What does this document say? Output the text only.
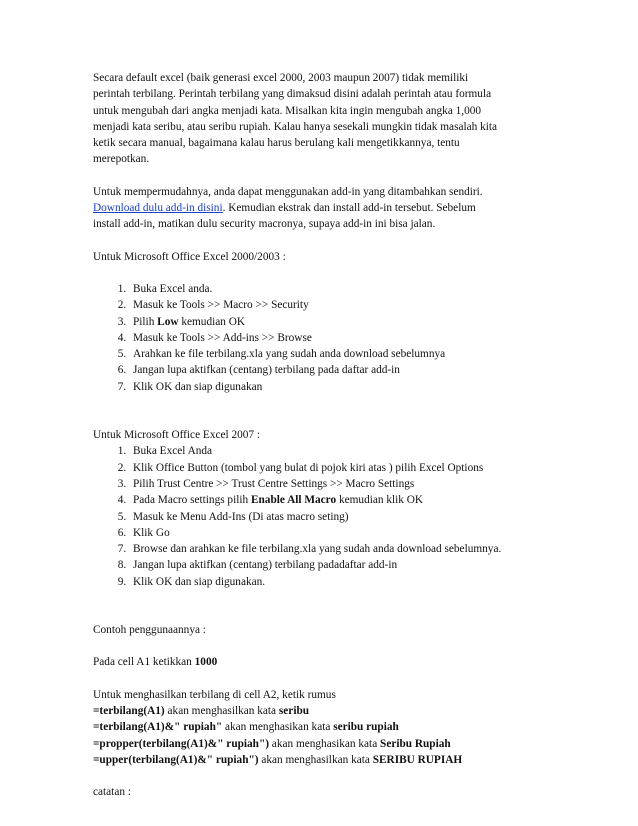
Secara default excel (baik generasi excel 2000, 2003 maupun 2007) tidak memiliki
perintah terbilang. Perintah terbilang yang dimaksud disini adalah perintah atau formula
untuk mengubah dari angka menjadi kata. Misalkan kita ingin mengubah angka 1,000
menjadi kata seribu, atau seribu rupiah. Kalau hanya sesekali mungkin tidak masalah kita
ketik secara manual, bagaimana kalau harus berulang kali mengetikkannya, tentu
merepotkan.

Untuk mempermudahnya, anda dapat menggunakan add-in yang ditambahkan sendiri.
Download dulu add-in disini. Kemudian ekstrak dan install add-in tersebut. Sebelum
install add-in, matikan dulu security macronya, supaya add-in ini bisa jalan.

Untuk Microsoft Office Excel 2000/2003 :

1. Buka Excel anda.
2. Masuk ke Tools >> Macro >> Security
3. Pilih Low kemudian OK
4. Masuk ke Tools >> Add-ins >> Browse
5. Arahkan ke file terbilang.xla yang sudah anda download sebelumnya
6. Jangan lupa aktifkan (centang) terbilang pada daftar add-in
7. Klik OK dan siap digunakan

Untuk Microsoft Office Excel 2007 :

1. Buka Excel Anda
2. Klik Office Button (tombol yang bulat di pojok kiri atas ) pilih Excel Options
3. Pilih Trust Centre >> Trust Centre Settings >> Macro Settings
4. Pada Macro settings pilih Enable All Macro kemudian klik OK
5. Masuk ke Menu Add-Ins (Di atas macro seting)
6. Klik Go
7. Browse dan arahkan ke file terbilang.xla yang sudah anda download sebelumnya.
8. Jangan lupa aktifkan (centang) terbilang padadaftar add-in
9. Klik OK dan siap digunakan.

Contoh penggunaannya :

Pada cell A1 ketikkan 1000

Untuk menghasilkan terbilang di cell A2, ketik rumus
=terbilang(A1) akan menghasilkan kata seribu
=terbilang(A1)&" rupiah" akan menghasikan kata seribu rupiah
=propper(terbilang(A1)&" rupiah") akan menghasikan kata Seribu Rupiah
=upper(terbilang(A1)&" rupiah") akan menghasilkan kata SERIBU RUPIAH

catatan :
